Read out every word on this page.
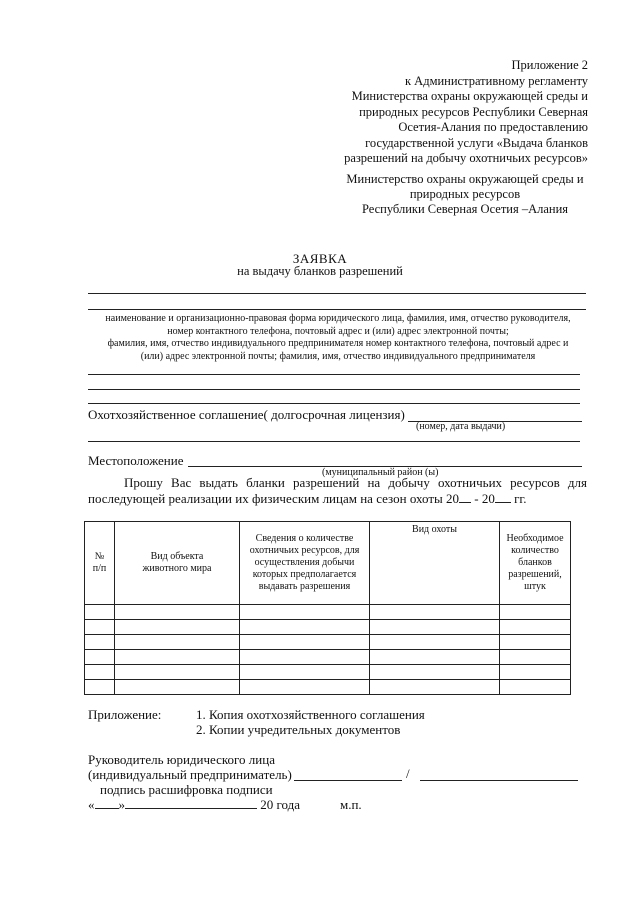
Приложение 2
к Административному регламенту
Министерства охраны окружающей среды и
природных ресурсов Республики Северная
Осетия-Алания по предоставлению
государственной услуги «Выдача бланков
разрешений на добычу охотничьих ресурсов»
Министерство охраны окружающей среды и
природных ресурсов
Республики Северная Осетия –Алания
ЗАЯВКА
на выдачу бланков разрешений
наименование и организационно-правовая форма юридического лица, фамилия, имя, отчество руководителя,
номер контактного телефона, почтовый адрес и (или) адрес электронной почты;
фамилия, имя, отчество индивидуального предпринимателя номер контактного телефона, почтовый адрес и
(или) адрес электронной почты; фамилия, имя, отчество индивидуального предпринимателя
Охотхозяйственное соглашение( долгосрочная лицензия)
(номер, дата выдачи)
Местоположение
(муниципальный район (ы)
Прошу Вас выдать бланки разрешений на добычу охотничьих ресурсов для
последующей реализации их физическим лицам на сезон охоты 20 - 20 гг.
№ п/п	Вид объекта животного мира	Сведения о количестве охотничьих ресурсов, для осуществления добычи которых предполагается выдавать разрешения	Вид охоты	Необходимое количество бланков разрешений, штук

Приложение:	1. Копия охотхозяйственного соглашения
2. Копии учредительных документов
Руководитель юридического лица
(индивидуальный предприниматель)	/
подпись расшифровка подписи
« »	20 года	м.п.
